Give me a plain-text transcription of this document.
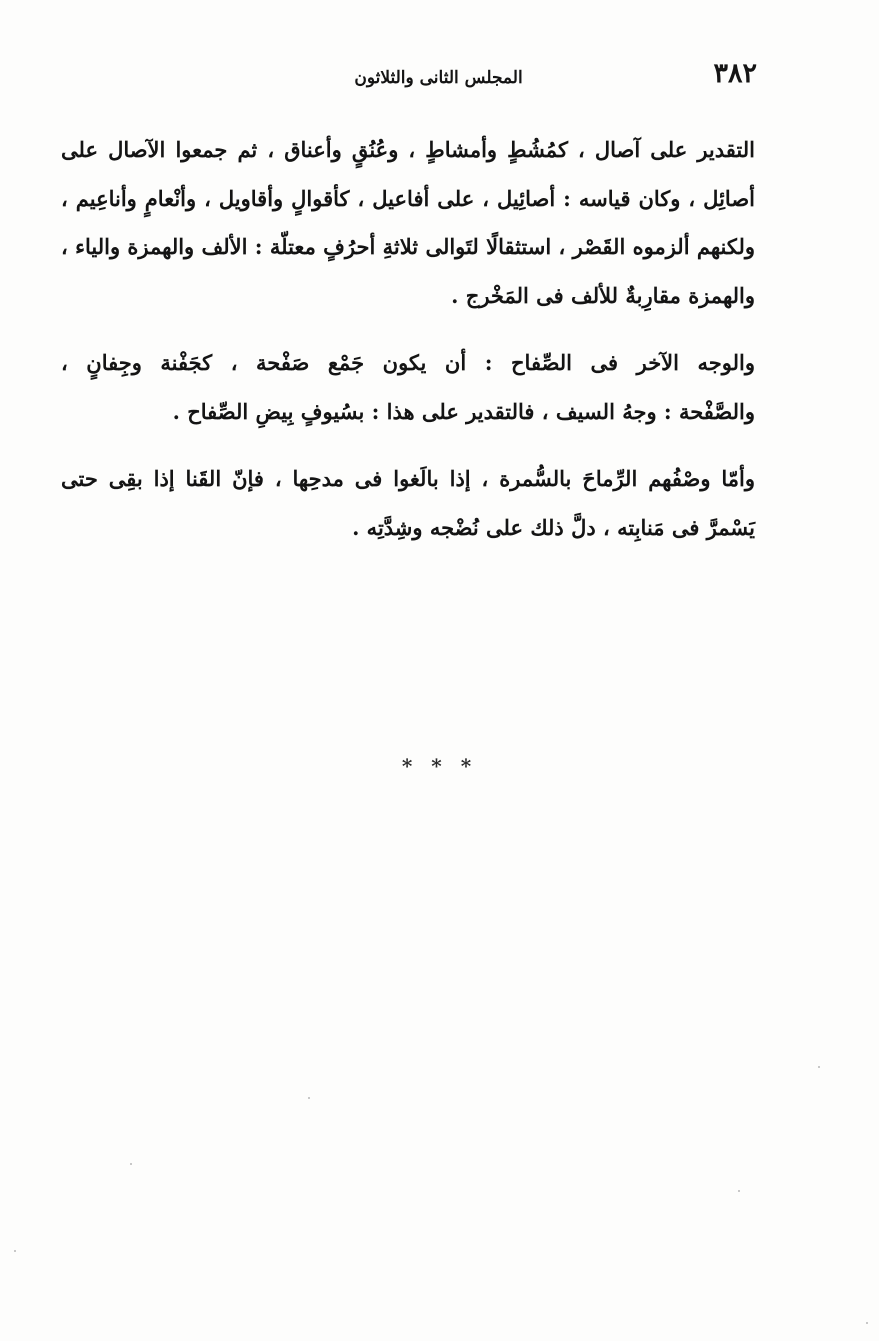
٣٨٢
المجلس الثانى والثلاثون

التقدير على آصال ، كمُشُطٍ وأمشاطٍ ، وعُنُقٍ وأعناق ، ثم جمعوا الآصال على
أصائِل ، وكان قياسه : أصائِيل ، على أفاعيل ، كأقوالٍ وأقاويل ، وأنْعامٍ وأناعِيم ،
ولكنهم ألزموه القَصْر ، استثقالًا لتَوالى ثلاثةِ أحرُفٍ معتلّة : الألف والهمزة والياء ،
والهمزة مقارِبةٌ للألف فى المَخْرج .

والوجه الآخر فى الصِّفاح : أن يكون جَمْع صَفْحة ، كجَفْنة وجِفانٍ ،
والصَّفْحة : وجهُ السيف ، فالتقدير على هذا : بسُيوفٍ بِيضِ الصِّفاح .

وأمّا وصْفُهم الرِّماحَ بالسُّمرة ، إذا بالَغوا فى مدحِها ، فإنّ القَنا إذا بقِى حتى
يَسْمرَّ فى مَنابِته ، دلَّ ذلك على نُضْجه وشِدَّتِه .

* * *
